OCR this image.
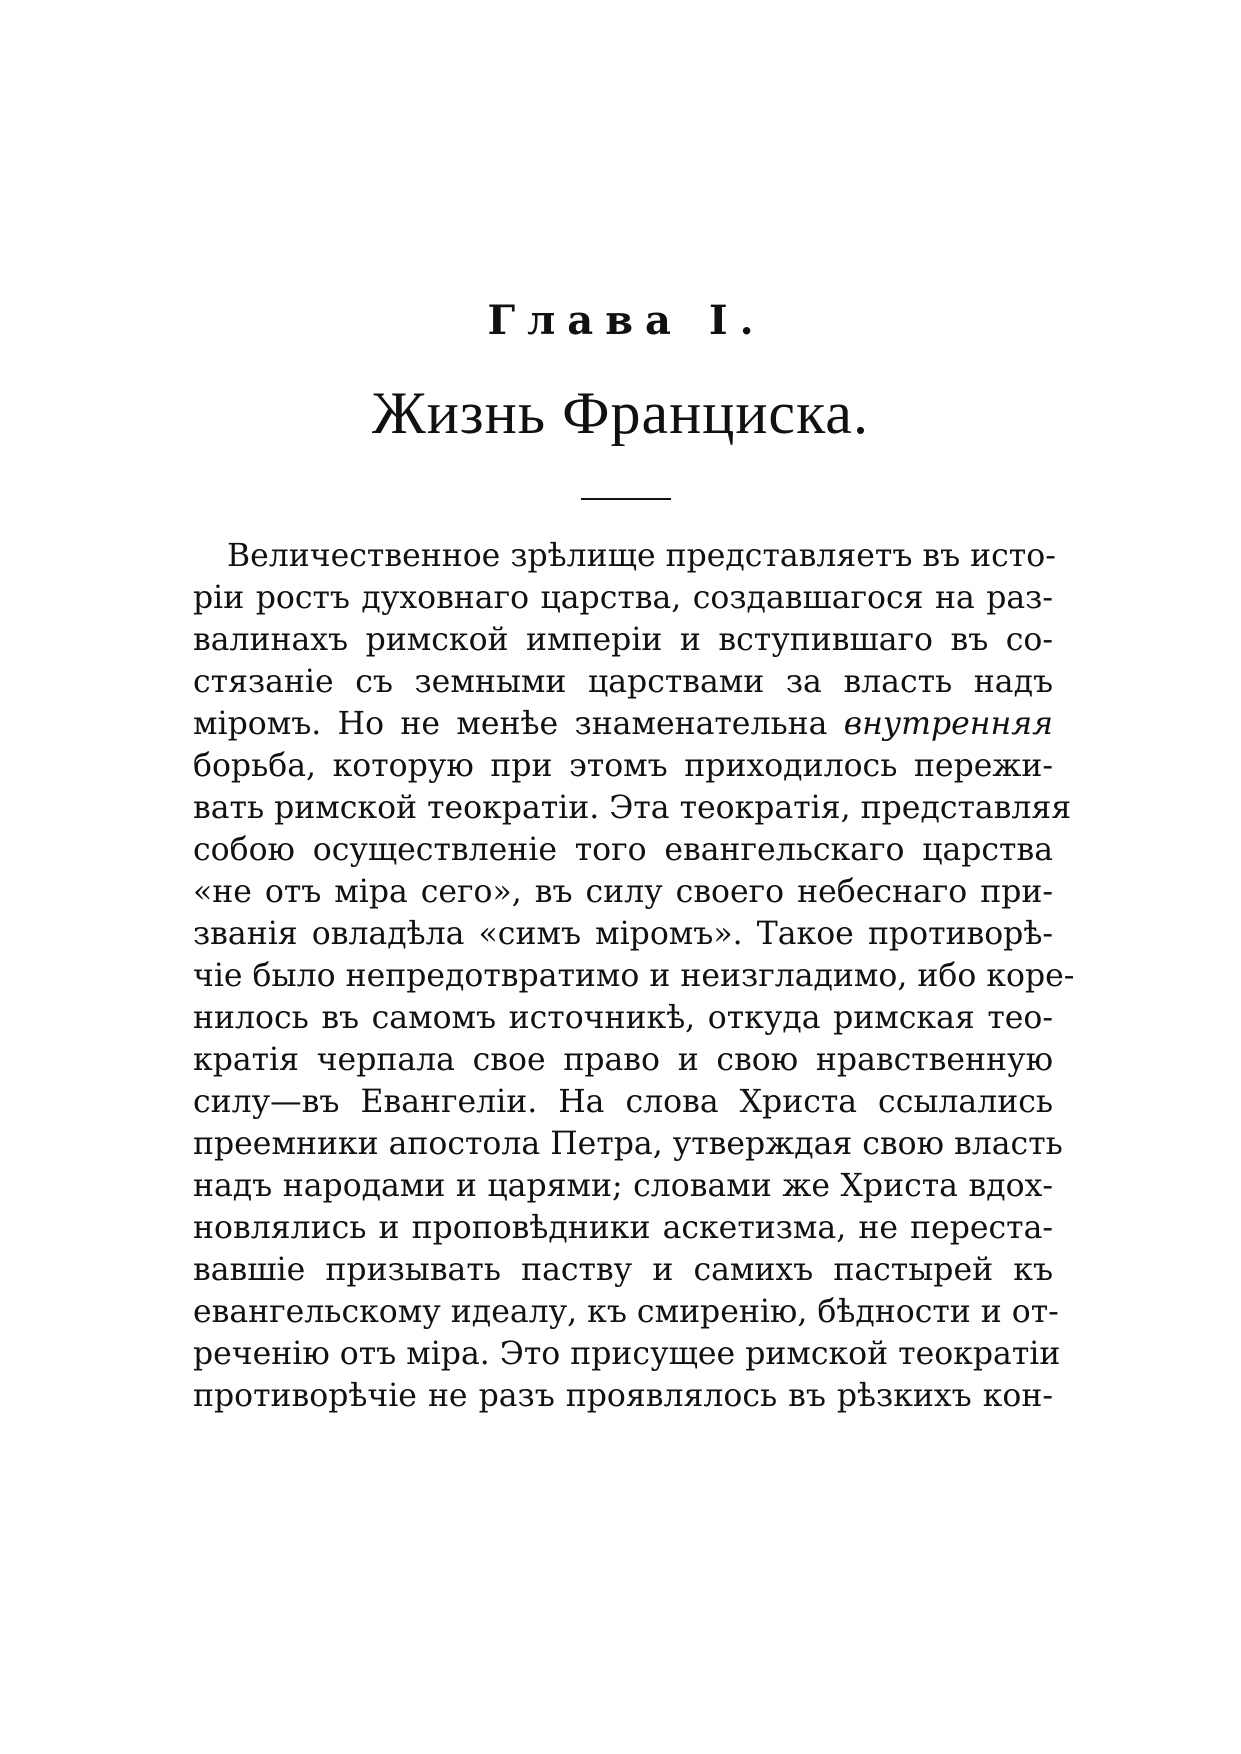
Глава I.
Жизнь Франциска.
Величественное зрѣлище представляетъ въ исто-
ріи ростъ духовнаго царства, создавшагося на раз-
валинахъ римской имперіи и вступившаго въ со-
стязаніе съ земными царствами за власть надъ
міромъ. Но не менѣе знаменательна внутренняя
борьба, которую при этомъ приходилось пережи-
вать римской теократіи. Эта теократія, представляя
собою осуществленіе того евангельскаго царства
«не отъ міра сего», въ силу своего небеснаго при-
званія овладѣла «симъ міромъ». Такое противорѣ-
чіе было непредотвратимо и неизгладимо, ибо коре-
нилось въ самомъ источникѣ, откуда римская тео-
кратія черпала свое право и свою нравственную
силу—въ Евангеліи. На слова Христа ссылались
преемники апостола Петра, утверждая свою власть
надъ народами и царями; словами же Христа вдох-
новлялись и проповѣдники аскетизма, не переста-
вавшіе призывать паству и самихъ пастырей къ
евангельскому идеалу, къ смиренію, бѣдности и от-
реченію отъ міра. Это присущее римской теократіи
противорѣчіе не разъ проявлялось въ рѣзкихъ кон-
